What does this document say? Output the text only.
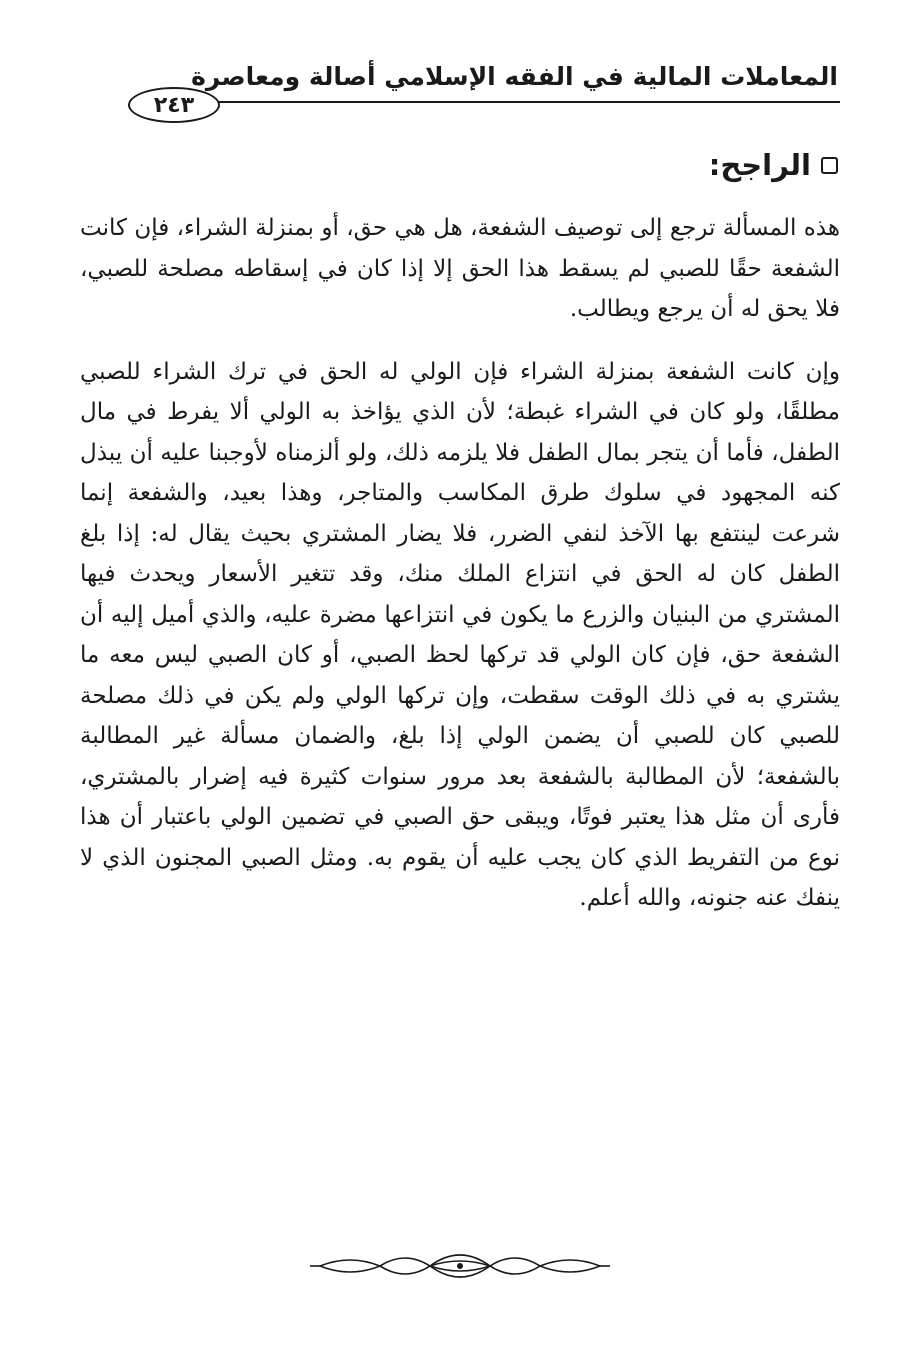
المعاملات المالية في الفقه الإسلامي أصالة ومعاصرة
٢٤٣
الراجح:

هذه المسألة ترجع إلى توصيف الشفعة، هل هي حق، أو بمنزلة الشراء، فإن كانت الشفعة حقًا للصبي لم يسقط هذا الحق إلا إذا كان في إسقاطه مصلحة للصبي، فلا يحق له أن يرجع ويطالب.

وإن كانت الشفعة بمنزلة الشراء فإن الولي له الحق في ترك الشراء للصبي مطلقًا، ولو كان في الشراء غبطة؛ لأن الذي يؤاخذ به الولي ألا يفرط في مال الطفل، فأما أن يتجر بمال الطفل فلا يلزمه ذلك، ولو ألزمناه لأوجبنا عليه أن يبذل كنه المجهود في سلوك طرق المكاسب والمتاجر، وهذا بعيد، والشفعة إنما شرعت لينتفع بها الآخذ لنفي الضرر، فلا يضار المشتري بحيث يقال له: إذا بلغ الطفل كان له الحق في انتزاع الملك منك، وقد تتغير الأسعار ويحدث فيها المشتري من البنيان والزرع ما يكون في انتزاعها مضرة عليه، والذي أميل إليه أن الشفعة حق، فإن كان الولي قد تركها لحظ الصبي، أو كان الصبي ليس معه ما يشتري به في ذلك الوقت سقطت، وإن تركها الولي ولم يكن في ذلك مصلحة للصبي كان للصبي أن يضمن الولي إذا بلغ، والضمان مسألة غير المطالبة بالشفعة؛ لأن المطالبة بالشفعة بعد مرور سنوات كثيرة فيه إضرار بالمشتري، فأرى أن مثل هذا يعتبر فوتًا، ويبقى حق الصبي في تضمين الولي باعتبار أن هذا نوع من التفريط الذي كان يجب عليه أن يقوم به. ومثل الصبي المجنون الذي لا ينفك عنه جنونه، والله أعلم.
